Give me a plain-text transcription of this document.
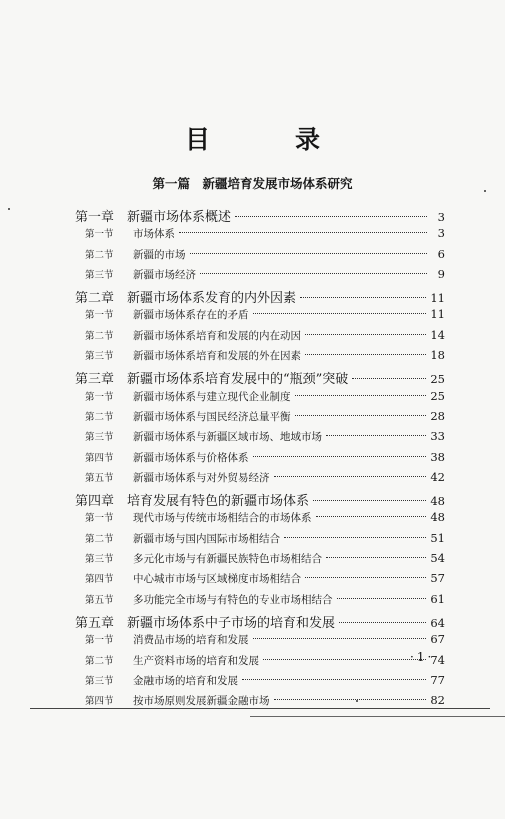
目　录
第一篇　新疆培育发展市场体系研究
第一章 新疆市场体系概述	3
第一节	市场体系	3
第二节	新疆的市场	6
第三节	新疆市场经济	9
第二章 新疆市场体系发育的内外因素	11
第一节	新疆市场体系存在的矛盾	11
第二节	新疆市场体系培育和发展的内在动因	14
第三节	新疆市场体系培育和发展的外在因素	18
第三章 新疆市场体系培育发展中的“瓶颈”突破	25
第一节	新疆市场体系与建立现代企业制度	25
第二节	新疆市场体系与国民经济总量平衡	28
第三节	新疆市场体系与新疆区域市场、地域市场	33
第四节	新疆市场体系与价格体系	38
第五节	新疆市场体系与对外贸易经济	42
第四章 培育发展有特色的新疆市场体系	48
第一节	现代市场与传统市场相结合的市场体系	48
第二节	新疆市场与国内国际市场相结合	51
第三节	多元化市场与有新疆民族特色市场相结合	54
第四节	中心城市市场与区域梯度市场相结合	57
第五节	多功能完全市场与有特色的专业市场相结合	61
第五章 新疆市场体系中子市场的培育和发展	64
第一节	消费品市场的培育和发展	67
第二节	生产资料市场的培育和发展	74
第三节	金融市场的培育和发展	77
第四节	按市场原则发展新疆金融市场	82
·1·
